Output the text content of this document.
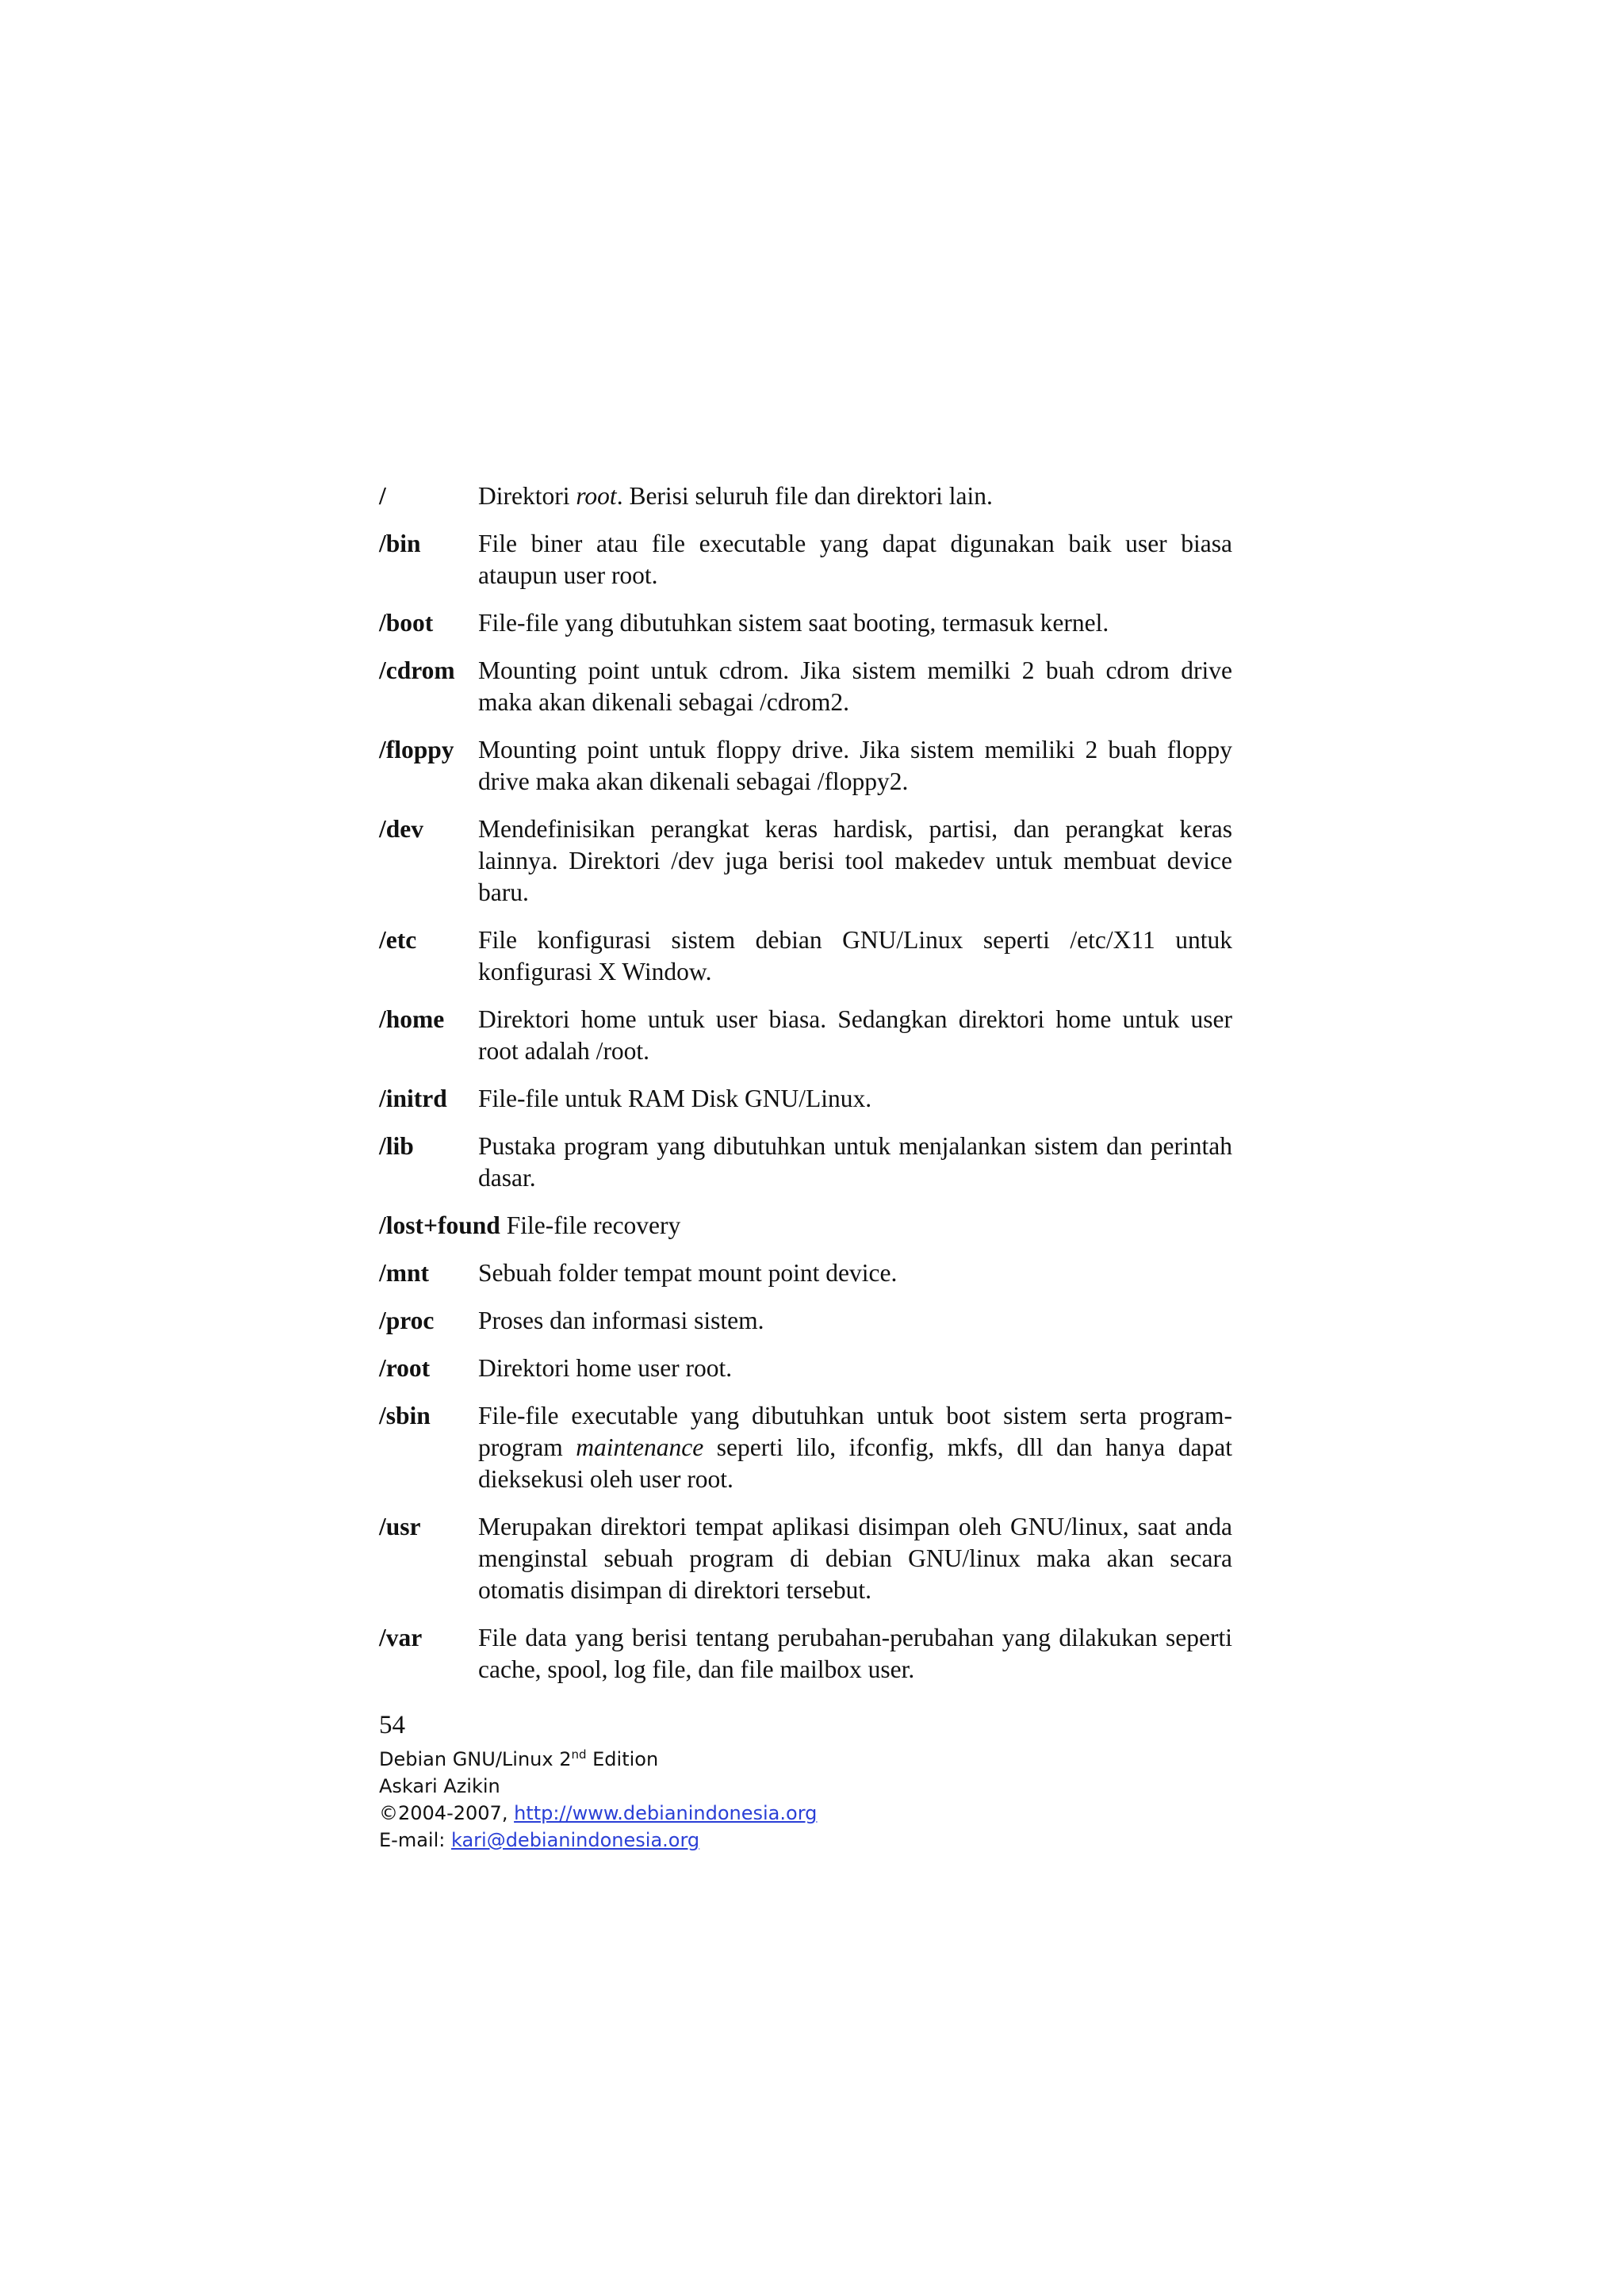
/	Direktori root. Berisi seluruh file dan direktori lain.
/bin	File biner atau file executable yang dapat digunakan baik user biasa ataupun user root.
/boot	File-file yang dibutuhkan sistem saat booting, termasuk kernel.
/cdrom Mounting point untuk cdrom. Jika sistem memilki 2 buah cdrom drive maka akan dikenali sebagai /cdrom2.
/floppy Mounting point untuk floppy drive. Jika sistem memiliki 2 buah floppy drive maka akan dikenali sebagai /floppy2.
/dev	Mendefinisikan perangkat keras hardisk, partisi, dan perangkat keras lainnya. Direktori /dev juga berisi tool makedev untuk membuat device baru.
/etc	File konfigurasi sistem debian GNU/Linux seperti /etc/X11 untuk konfigurasi X Window.
/home	Direktori home untuk user biasa. Sedangkan direktori home untuk user root adalah /root.
/initrd	File-file untuk RAM Disk GNU/Linux.
/lib	Pustaka program yang dibutuhkan untuk menjalankan sistem dan perintah dasar.
/lost+found File-file recovery
/mnt	Sebuah folder tempat mount point device.
/proc	Proses dan informasi sistem.
/root	Direktori home user root.
/sbin	File-file executable yang dibutuhkan untuk boot sistem serta program-program maintenance seperti lilo, ifconfig, mkfs, dll dan hanya dapat dieksekusi oleh user root.
/usr	Merupakan direktori tempat aplikasi disimpan oleh GNU/linux, saat anda menginstal sebuah program di debian GNU/linux maka akan secara otomatis disimpan di direktori tersebut.
/var	File data yang berisi tentang perubahan-perubahan yang dilakukan seperti cache, spool, log file, dan file mailbox user.
54
Debian GNU/Linux 2nd Edition
Askari Azikin
©2004-2007, http://www.debianindonesia.org
E-mail: kari@debianindonesia.org
